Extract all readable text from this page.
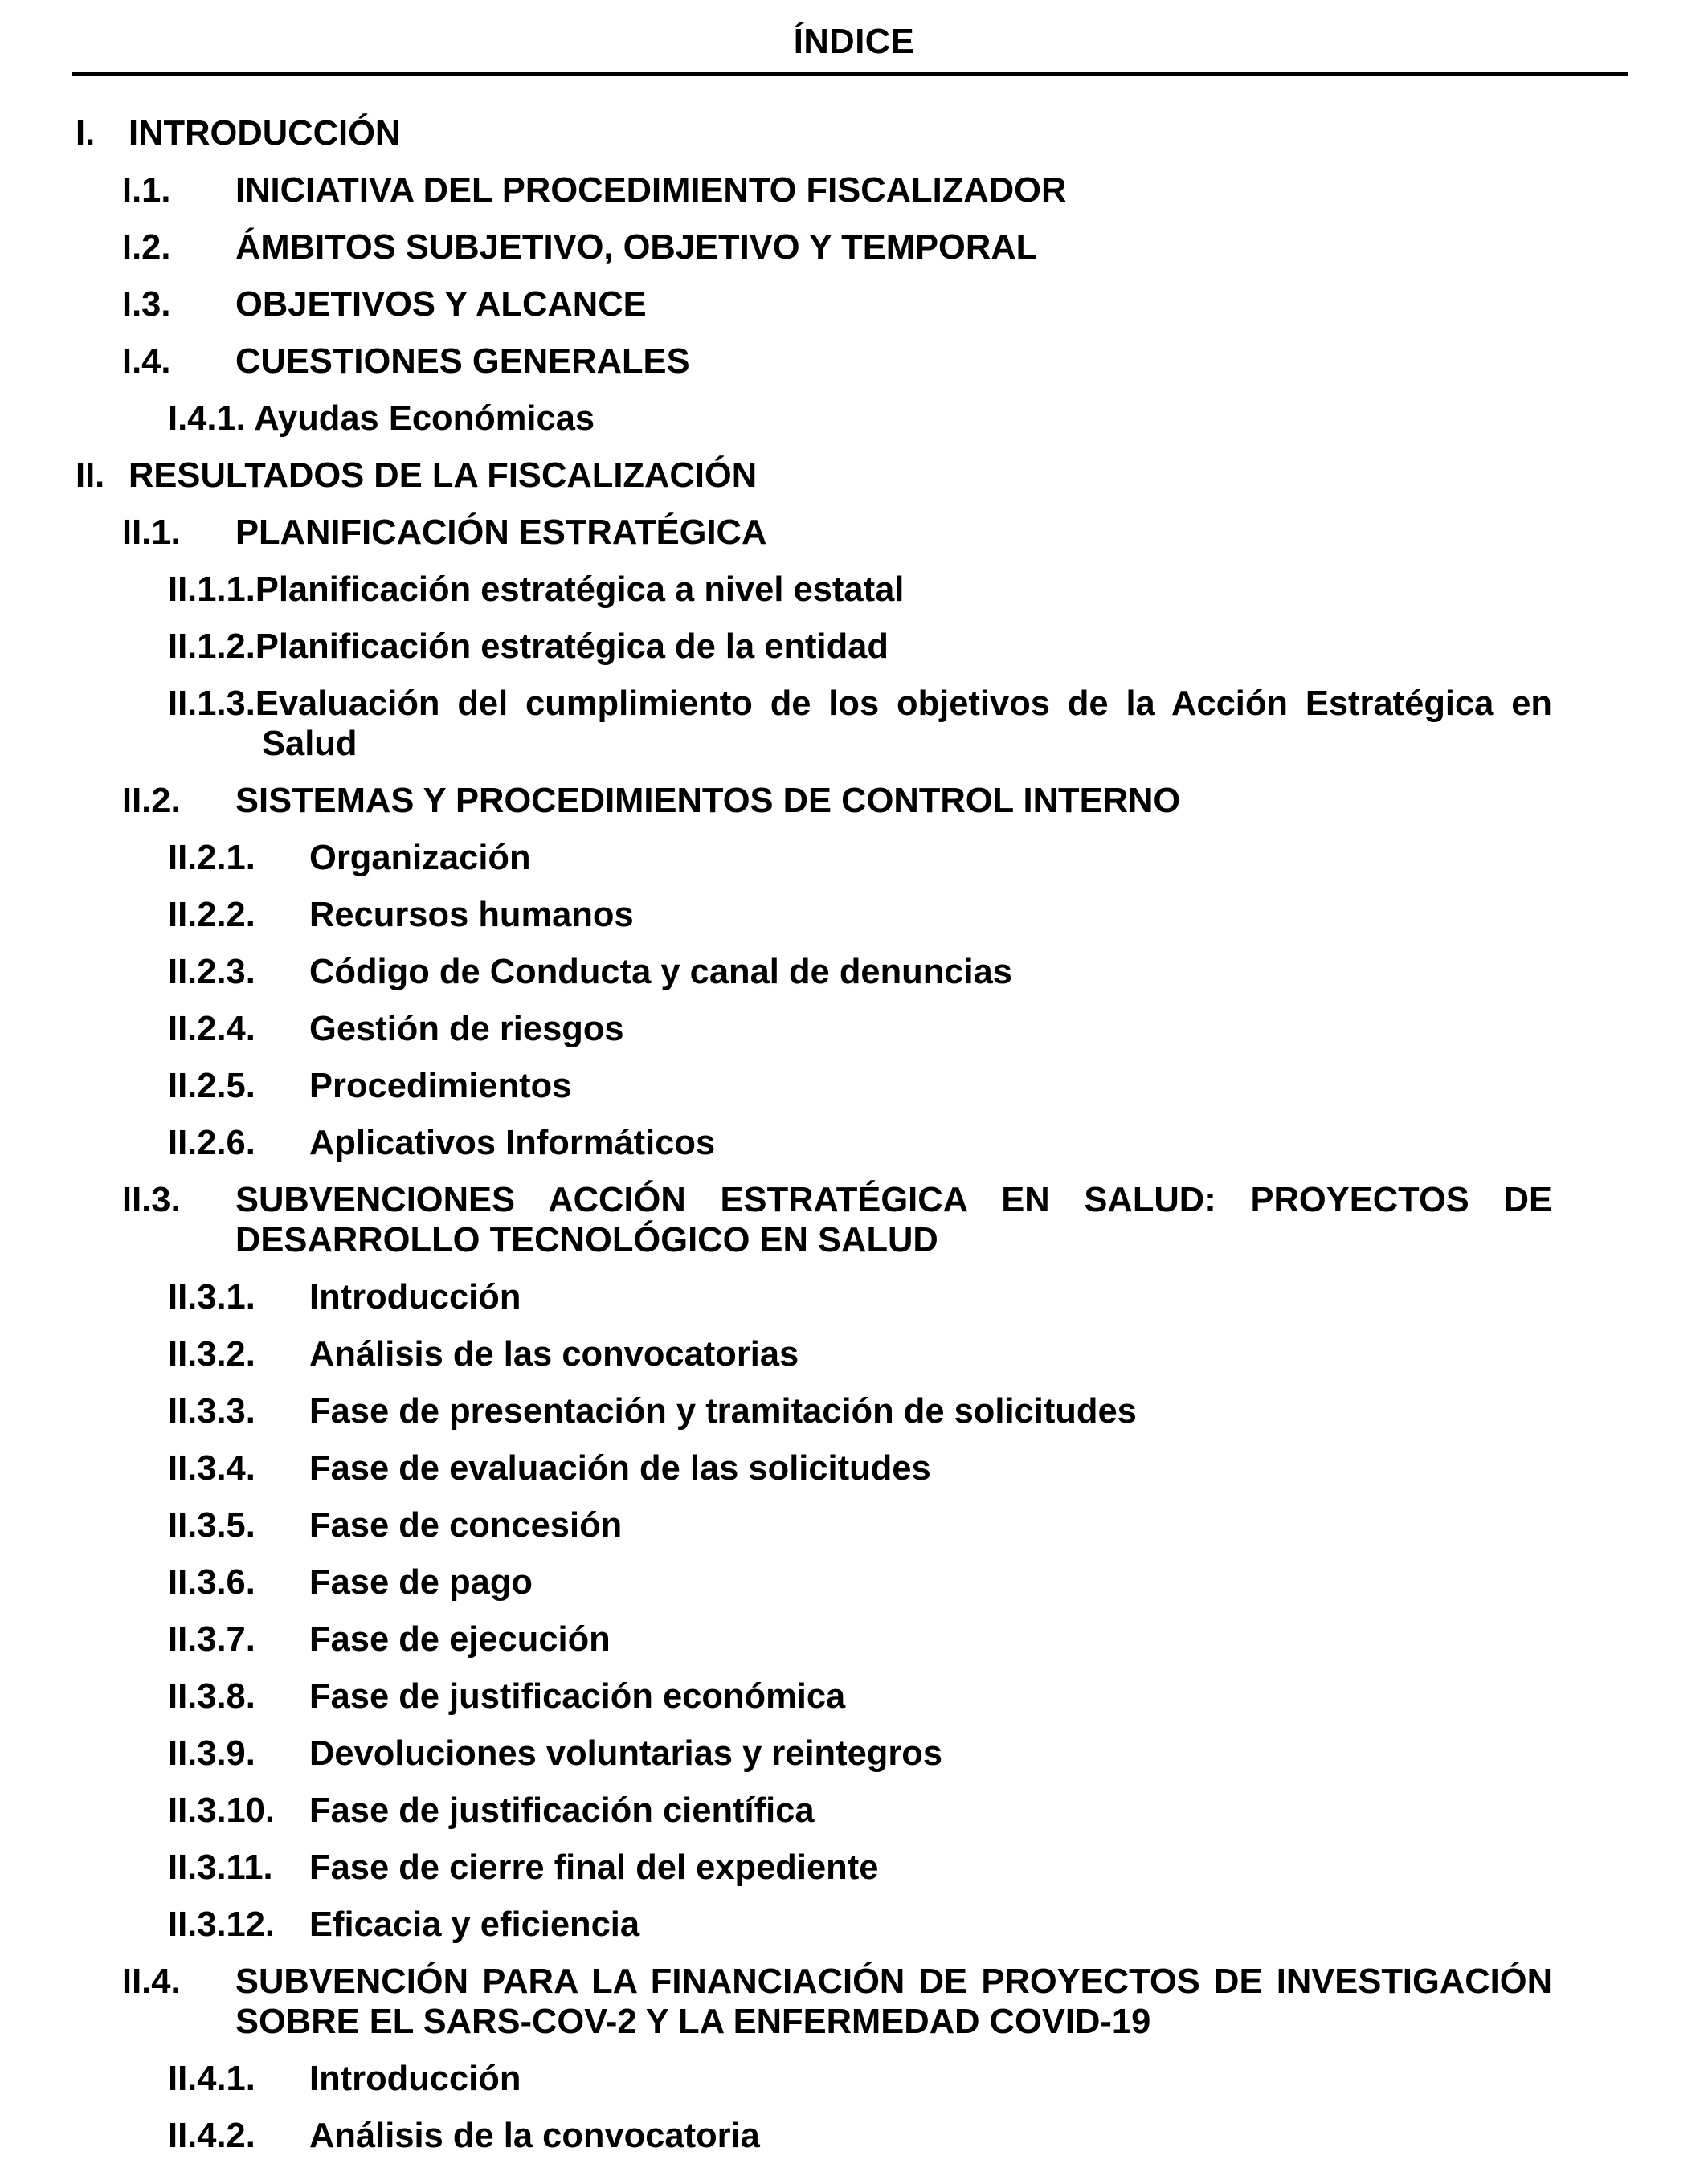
ÍNDICE
I. INTRODUCCIÓN
I.1.	INICIATIVA DEL PROCEDIMIENTO FISCALIZADOR
I.2.	ÁMBITOS SUBJETIVO, OBJETIVO Y TEMPORAL
I.3.	OBJETIVOS Y ALCANCE
I.4.	CUESTIONES GENERALES
I.4.1. Ayudas Económicas
II. RESULTADOS DE LA FISCALIZACIÓN
II.1.	PLANIFICACIÓN ESTRATÉGICA
II.1.1.Planificación estratégica a nivel estatal
II.1.2.Planificación estratégica de la entidad
II.1.3.Evaluación del cumplimiento de los objetivos de la Acción Estratégica en Salud
II.2.	SISTEMAS Y PROCEDIMIENTOS DE CONTROL INTERNO
II.2.1.	Organización
II.2.2.	Recursos humanos
II.2.3.	Código de Conducta y canal de denuncias
II.2.4.	Gestión de riesgos
II.2.5.	Procedimientos
II.2.6.	Aplicativos Informáticos
II.3.	SUBVENCIONES ACCIÓN ESTRATÉGICA EN SALUD: PROYECTOS DE DESARROLLO TECNOLÓGICO EN SALUD
II.3.1.	Introducción
II.3.2.	Análisis de las convocatorias
II.3.3.	Fase de presentación y tramitación de solicitudes
II.3.4.	Fase de evaluación de las solicitudes
II.3.5.	Fase de concesión
II.3.6.	Fase de pago
II.3.7.	Fase de ejecución
II.3.8.	Fase de justificación económica
II.3.9.	Devoluciones voluntarias y reintegros
II.3.10. Fase de justificación científica
II.3.11.	Fase de cierre final del expediente
II.3.12. Eficacia y eficiencia
II.4.	SUBVENCIÓN PARA LA FINANCIACIÓN DE PROYECTOS DE INVESTIGACIÓN SOBRE EL SARS-COV-2 Y LA ENFERMEDAD COVID-19
II.4.1.	Introducción
II.4.2.	Análisis de la convocatoria
